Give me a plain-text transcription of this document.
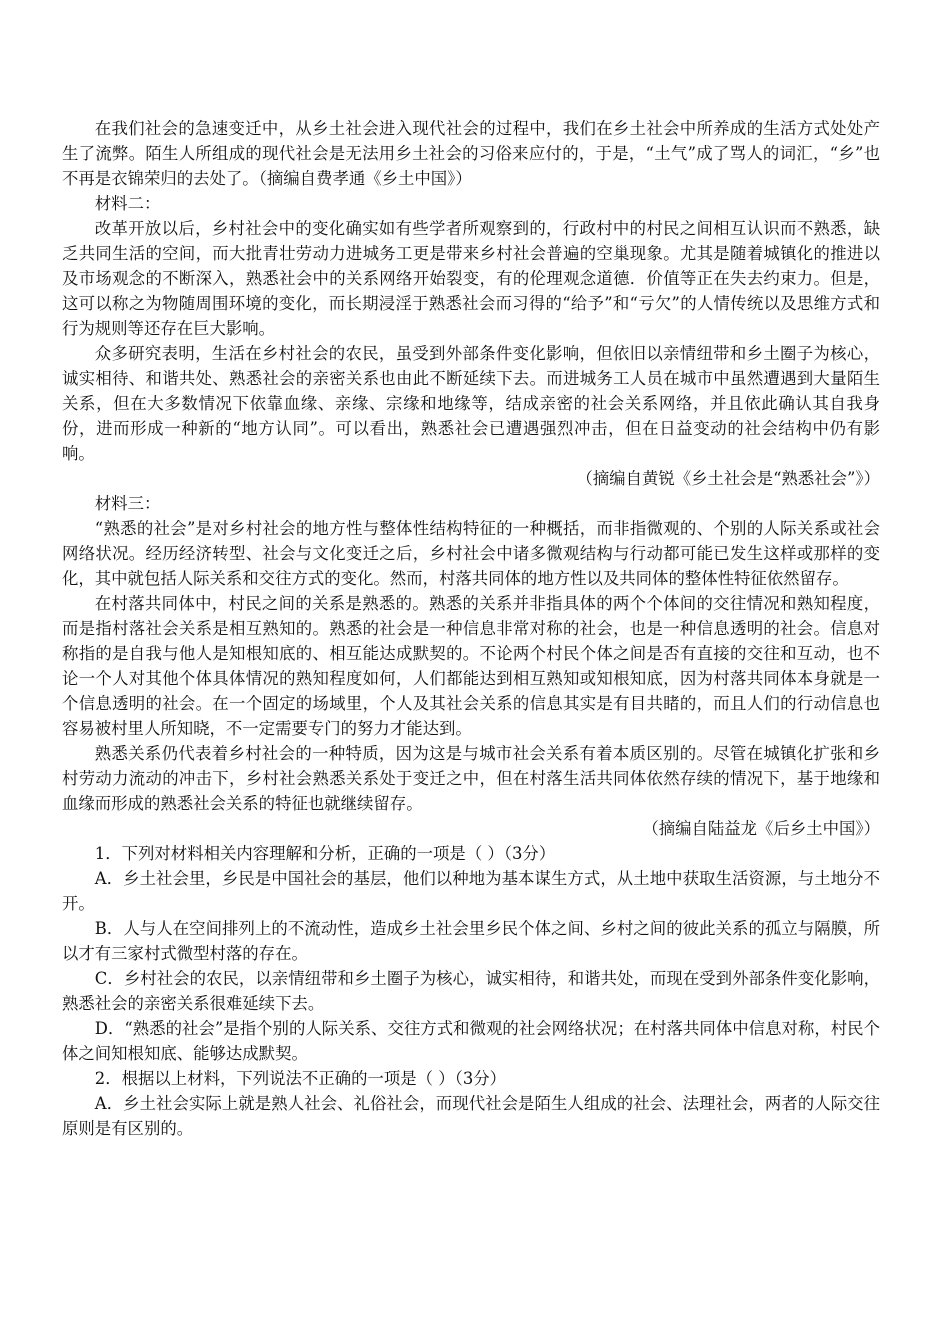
在我们社会的急速变迁中，从乡土社会进入现代社会的过程中，我们在乡土社会中所养成的生活方式处处产生了流弊。陌生人所组成的现代社会是无法用乡土社会的习俗来应付的，于是，“土气”成了骂人的词汇，“乡”也不再是衣锦荣归的去处了。（摘编自费孝通《乡土中国》）

材料二：

改革开放以后，乡村社会中的变化确实如有些学者所观察到的，行政村中的村民之间相互认识而不熟悉，缺乏共同生活的空间，而大批青壮劳动力进城务工更是带来乡村社会普遍的空巢现象。尤其是随着城镇化的推进以及市场观念的不断深入，熟悉社会中的关系网络开始裂变，有的伦理观念道德．价值等正在失去约束力。但是，这可以称之为物随周围环境的变化，而长期浸淫于熟悉社会而习得的“给予”和“亏欠”的人情传统以及思维方式和行为规则等还存在巨大影响。

众多研究表明，生活在乡村社会的农民，虽受到外部条件变化影响，但依旧以亲情纽带和乡土圈子为核心，诚实相待、和谐共处、熟悉社会的亲密关系也由此不断延续下去。而进城务工人员在城市中虽然遭遇到大量陌生关系，但在大多数情况下依靠血缘、亲缘、宗缘和地缘等，结成亲密的社会关系网络，并且依此确认其自我身份，进而形成一种新的“地方认同”。可以看出，熟悉社会已遭遇强烈冲击，但在日益变动的社会结构中仍有影响。

（摘编自黄锐《乡土社会是“熟悉社会”》）

材料三：

“熟悉的社会”是对乡村社会的地方性与整体性结构特征的一种概括，而非指微观的、个别的人际关系或社会网络状况。经历经济转型、社会与文化变迁之后，乡村社会中诸多微观结构与行动都可能已发生这样或那样的变化，其中就包括人际关系和交往方式的变化。然而，村落共同体的地方性以及共同体的整体性特征依然留存。

在村落共同体中，村民之间的关系是熟悉的。熟悉的关系并非指具体的两个个体间的交往情况和熟知程度，而是指村落社会关系是相互熟知的。熟悉的社会是一种信息非常对称的社会，也是一种信息透明的社会。信息对称指的是自我与他人是知根知底的、相互能达成默契的。不论两个村民个体之间是否有直接的交往和互动，也不论一个人对其他个体具体情况的熟知程度如何，人们都能达到相互熟知或知根知底，因为村落共同体本身就是一个信息透明的社会。在一个固定的场域里，个人及其社会关系的信息其实是有目共睹的，而且人们的行动信息也容易被村里人所知晓，不一定需要专门的努力才能达到。

熟悉关系仍代表着乡村社会的一种特质，因为这是与城市社会关系有着本质区别的。尽管在城镇化扩张和乡村劳动力流动的冲击下，乡村社会熟悉关系处于变迁之中，但在村落生活共同体依然存续的情况下，基于地缘和血缘而形成的熟悉社会关系的特征也就继续留存。

（摘编自陆益龙《后乡土中国》）

1．下列对材料相关内容理解和分析，正确的一项是（ ）（3分）

A．乡土社会里，乡民是中国社会的基层，他们以种地为基本谋生方式，从土地中获取生活资源，与土地分不开。

B．人与人在空间排列上的不流动性，造成乡土社会里乡民个体之间、乡村之间的彼此关系的孤立与隔膜，所以才有三家村式微型村落的存在。

C．乡村社会的农民，以亲情纽带和乡土圈子为核心，诚实相待，和谐共处，而现在受到外部条件变化影响，熟悉社会的亲密关系很难延续下去。

D．“熟悉的社会”是指个别的人际关系、交往方式和微观的社会网络状况；在村落共同体中信息对称，村民个体之间知根知底、能够达成默契。

2．根据以上材料，下列说法不正确的一项是（ ）（3分）

A．乡土社会实际上就是熟人社会、礼俗社会，而现代社会是陌生人组成的社会、法理社会，两者的人际交往原则是有区别的。
